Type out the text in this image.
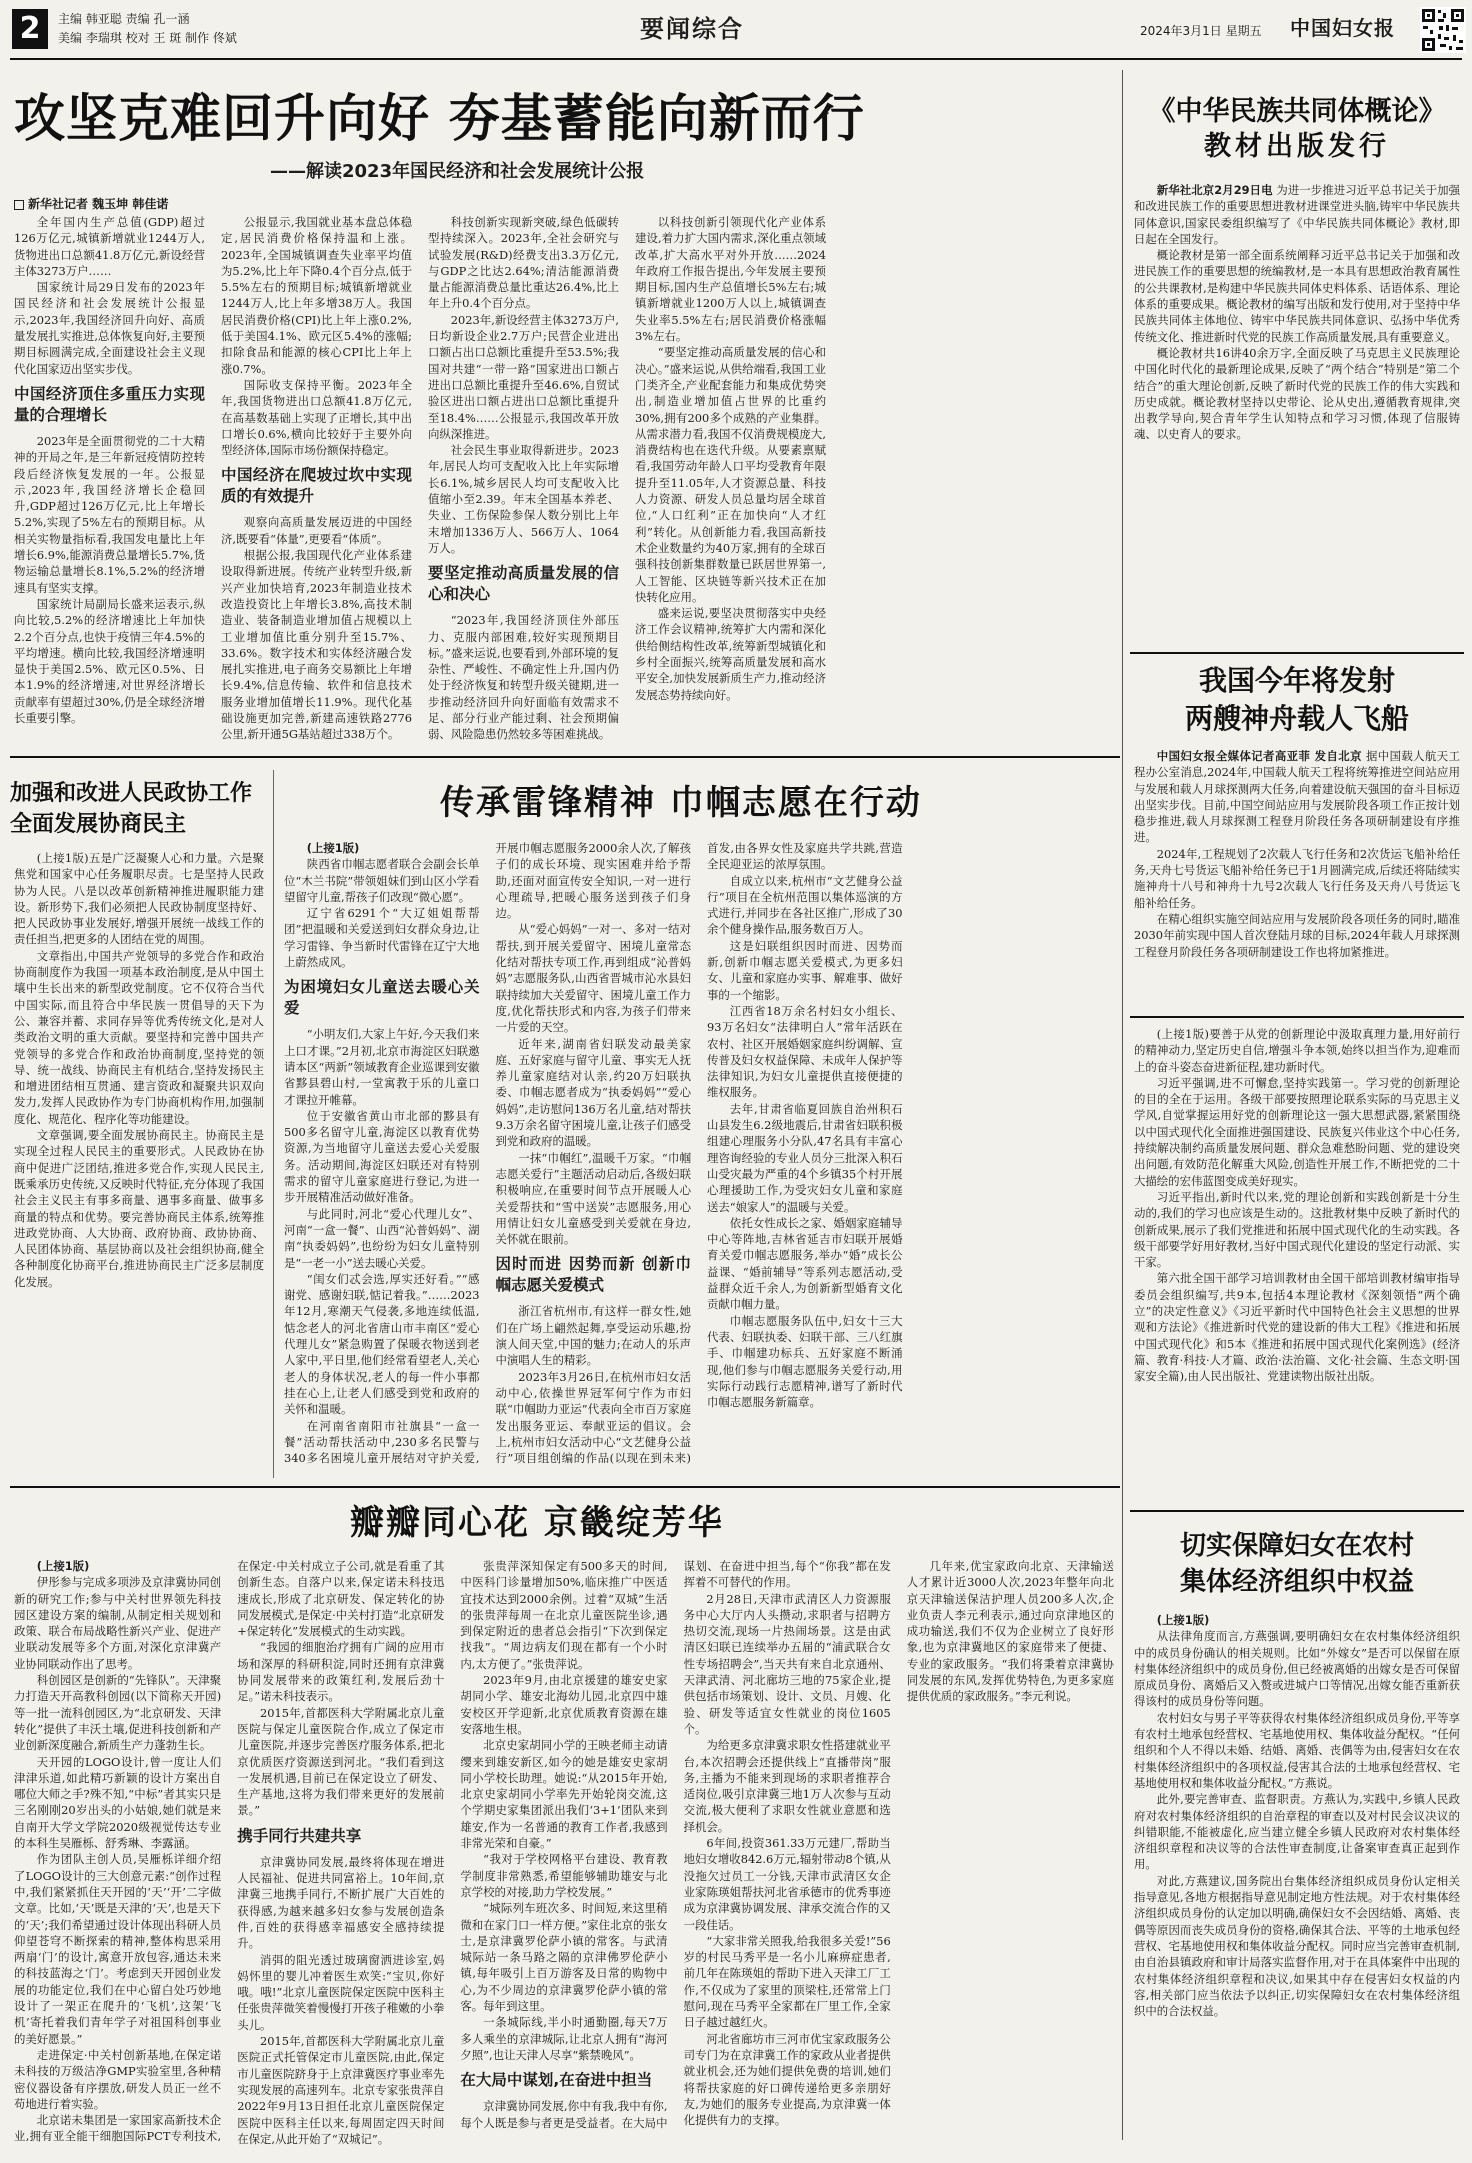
2	主编 韩亚聪 责编 孔一涵
美编 李瑞琪 校对 王 斑 制作 佟斌	要闻综合	2024年3月1日 星期五 中国妇女报
攻坚克难回升向好 夯基蓄能向新而行
——解读2023年国民经济和社会发展统计公报
新华社记者 魏玉坤 韩佳诺

全年国内生产总值(GDP)超过126万亿元,城镇新增就业1244万人,货物进出口总额41.8万亿元,新设经营主体3273万户……

国家统计局29日发布的2023年国民经济和社会发展统计公报显示,2023年,我国经济回升向好、高质量发展扎实推进,总体恢复向好,主要预期目标圆满完成,全面建设社会主义现代化国家迈出坚实步伐。

中国经济顶住多重压力实现量的合理增长

2023年是全面贯彻党的二十大精神的开局之年,是三年新冠疫情防控转段后经济恢复发展的一年。公报显示,2023年,我国经济增长企稳回升,GDP超过126万亿元,比上年增长5.2%,实现了5%左右的预期目标。从相关实物量指标看,我国发电量比上年增长6.9%,能源消费总量增长5.7%,货物运输总量增长8.1%,5.2%的经济增速具有坚实支撑。

国家统计局副局长盛来运表示,纵向比较,5.2%的经济增速比上年加快2.2个百分点,也快于疫情三年4.5%的平均增速。横向比较,我国经济增速明显快于美国2.5%、欧元区0.5%、日本1.9%的经济增速,对世界经济增长贡献率有望超过30%,仍是全球经济增长重要引擎。

公报显示,我国就业基本盘总体稳定,居民消费价格保持温和上涨。2023年,全国城镇调查失业率平均值为5.2%,比上年下降0.4个百分点,低于5.5%左右的预期目标;城镇新增就业1244万人,比上年多增38万人。我国居民消费价格(CPI)比上年上涨0.2%,低于美国4.1%、欧元区5.4%的涨幅;扣除食品和能源的核心CPI比上年上涨0.7%。

国际收支保持平衡。2023年全年,我国货物进出口总额41.8万亿元,在高基数基础上实现了正增长,其中出口增长0.6%,横向比较好于主要外向型经济体,国际市场份额保持稳定。

中国经济在爬坡过坎中实现质的有效提升

观察向高质量发展迈进的中国经济,既要看“体量”,更要看“体质”。

根据公报,我国现代化产业体系建设取得新进展。传统产业转型升级,新兴产业加快培育,2023年制造业技术改造投资比上年增长3.8%,高技术制造业、装备制造业增加值占规模以上工业增加值比重分别升至15.7%、33.6%。数字技术和实体经济融合发展扎实推进,电子商务交易额比上年增长9.4%,信息传输、软件和信息技术服务业增加值增长11.9%。现代化基础设施更加完善,新建高速铁路2776公里,新开通5G基站超过338万个。

科技创新实现新突破,绿色低碳转型持续深入。2023年,全社会研究与试验发展(R&D)经费支出3.3万亿元,与GDP之比达2.64%;清洁能源消费量占能源消费总量比重达26.4%,比上年上升0.4个百分点。

2023年,新设经营主体3273万户,日均新设企业2.7万户;民营企业进出口额占出口总额比重提升至53.5%;我国对共建“一带一路”国家进出口额占进出口总额比重提升至46.6%,自贸试验区进出口额占进出口总额比重提升至18.4%……公报显示,我国改革开放向纵深推进。

社会民生事业取得新进步。2023年,居民人均可支配收入比上年实际增长6.1%,城乡居民人均可支配收入比值缩小至2.39。年末全国基本养老、失业、工伤保险参保人数分别比上年末增加1336万人、566万人、1064万人。

要坚定推动高质量发展的信心和决心

“2023年,我国经济顶住外部压力、克服内部困难,较好实现预期目标。”盛来运说,也要看到,外部环境的复杂性、严峻性、不确定性上升,国内仍处于经济恢复和转型升级关键期,进一步推动经济回升向好面临有效需求不足、部分行业产能过剩、社会预期偏弱、风险隐患仍然较多等困难挑战。

以科技创新引领现代化产业体系建设,着力扩大国内需求,深化重点领域改革,扩大高水平对外开放……2024年政府工作报告提出,今年发展主要预期目标,国内生产总值增长5%左右;城镇新增就业1200万人以上,城镇调查失业率5.5%左右;居民消费价格涨幅3%左右。

“要坚定推动高质量发展的信心和决心。”盛来运说,从供给端看,我国工业门类齐全,产业配套能力和集成优势突出,制造业增加值占世界的比重约30%,拥有200多个成熟的产业集群。从需求潜力看,我国不仅消费规模庞大,消费结构也在迭代升级。从要素禀赋看,我国劳动年龄人口平均受教育年限提升至11.05年,人才资源总量、科技人力资源、研发人员总量均居全球首位,“人口红利”正在加快向“人才红利”转化。从创新能力看,我国高新技术企业数量约为40万家,拥有的全球百强科技创新集群数量已跃居世界第一,人工智能、区块链等新兴技术正在加快转化应用。

盛来运说,要坚决贯彻落实中央经济工作会议精神,统筹扩大内需和深化供给侧结构性改革,统筹新型城镇化和乡村全面振兴,统筹高质量发展和高水平安全,加快发展新质生产力,推动经济发展态势持续向好。

《中华民族共同体概论》
教材出版发行

新华社北京2月29日电 为进一步推进习近平总书记关于加强和改进民族工作的重要思想进教材进课堂进头脑,铸牢中华民族共同体意识,国家民委组织编写了《中华民族共同体概论》教材,即日起在全国发行。

概论教材是第一部全面系统阐释习近平总书记关于加强和改进民族工作的重要思想的统编教材,是一本具有思想政治教育属性的公共课教材,是构建中华民族共同体史料体系、话语体系、理论体系的重要成果。概论教材的编写出版和发行使用,对于坚持中华民族共同体主体地位、铸牢中华民族共同体意识、弘扬中华优秀传统文化、推进新时代党的民族工作高质量发展,具有重要意义。

概论教材共16讲40余万字,全面反映了马克思主义民族理论中国化时代化的最新理论成果,反映了“两个结合”特别是“第二个结合”的重大理论创新,反映了新时代党的民族工作的伟大实践和历史成就。概论教材坚持以史带论、论从史出,遵循教育规律,突出教学导向,契合青年学生认知特点和学习习惯,体现了信服铸魂、以史育人的要求。

我国今年将发射
两艘神舟载人飞船

中国妇女报全媒体记者高亚菲 发自北京 据中国载人航天工程办公室消息,2024年,中国载人航天工程将统筹推进空间站应用与发展和载人月球探测两大任务,向着建设航天强国的奋斗目标迈出坚实步伐。目前,中国空间站应用与发展阶段各项工作正按计划稳步推进,载人月球探测工程登月阶段任务各项研制建设有序推进。

2024年,工程规划了2次载人飞行任务和2次货运飞船补给任务,天舟七号货运飞船补给任务已于1月圆满完成,后续还将陆续实施神舟十八号和神舟十九号2次载人飞行任务及天舟八号货运飞船补给任务。

在精心组织实施空间站应用与发展阶段各项任务的同时,瞄准2030年前实现中国人首次登陆月球的目标,2024年载人月球探测工程登月阶段任务各项研制建设工作也将加紧推进。

(上接1版)要善于从党的创新理论中汲取真理力量,用好前行的精神动力,坚定历史自信,增强斗争本领,始终以担当作为,迎难而上的奋斗姿态奋进新征程,建功新时代。

习近平强调,进不可懈怠,坚持实践第一。学习党的创新理论的目的全在于运用。各级干部要按照理论联系实际的马克思主义学风,自觉掌握运用好党的创新理论这一强大思想武器,紧紧围绕以中国式现代化全面推进强国建设、民族复兴伟业这个中心任务,持续解决制约高质量发展问题、群众急难愁盼问题、党的建设突出问题,有效防范化解重大风险,创造性开展工作,不断把党的二十大描绘的宏伟蓝图变成美好现实。

习近平指出,新时代以来,党的理论创新和实践创新是十分生动的,我们的学习也应该是生动的。这批教材集中反映了新时代的创新成果,展示了我们党推进和拓展中国式现代化的生动实践。各级干部要学好用好教材,当好中国式现代化建设的坚定行动派、实干家。

第六批全国干部学习培训教材由全国干部培训教材编审指导委员会组织编写,共9本,包括4本理论教材《深刻领悟“两个确立”的决定性意义》《习近平新时代中国特色社会主义思想的世界观和方法论》《推进新时代党的建设新的伟大工程》《推进和拓展中国式现代化》和5本《推进和拓展中国式现代化案例选》(经济篇、教育·科技·人才篇、政治·法治篇、文化·社会篇、生态文明·国家安全篇),由人民出版社、党建读物出版社出版。

切实保障妇女在农村
集体经济组织中权益

(上接1版)

从法律角度而言,方燕强调,要明确妇女在农村集体经济组织中的成员身份确认的相关规则。比如“外嫁女”是否可以保留在原村集体经济组织中的成员身份,但已经被离婚的出嫁女是否可保留原成员身份、离婚后又入赘或进城户口等情况,出嫁女能否重新获得该村的成员身份等问题。

农村妇女与男子平等获得农村集体经济组织成员身份,平等享有农村土地承包经营权、宅基地使用权、集体收益分配权。“任何组织和个人不得以未婚、结婚、离婚、丧偶等为由,侵害妇女在农村集体经济组织中的各项权益,侵害其合法的土地承包经营权、宅基地使用权和集体收益分配权。”方燕说。

此外,要完善审查、监督职责。方燕认为,实践中,乡镇人民政府对农村集体经济组织的自治章程的审查以及对村民会议决议的纠错职能,不能被虚化,应当建立健全乡镇人民政府对农村集体经济组织章程和决议等的合法性审查制度,让备案审查真正起到作用。

对此,方燕建议,国务院出台集体经济组织成员身份认定相关指导意见,各地方根据指导意见制定地方性法规。对于农村集体经济组织成员身份的认定加以明确,确保妇女不会因结婚、离婚、丧偶等原因而丧失成员身份的资格,确保其合法、平等的土地承包经营权、宅基地使用权和集体收益分配权。同时应当完善审查机制,由自治县镇政府和审计局落实监督作用,对于在具体案件中出现的农村集体经济组织章程和决议,如果其中存在侵害妇女权益的内容,相关部门应当依法予以纠正,切实保障妇女在农村集体经济组织中的合法权益。

加强和改进人民政协工作
全面发展协商民主

(上接1版)五是广泛凝聚人心和力量。六是聚焦党和国家中心任务履职尽责。七是坚持人民政协为人民。八是以改革创新精神推进履职能力建设。新形势下,我们必须把人民政协制度坚持好、把人民政协事业发展好,增强开展统一战线工作的责任担当,把更多的人团结在党的周围。

文章指出,中国共产党领导的多党合作和政治协商制度作为我国一项基本政治制度,是从中国土壤中生长出来的新型政党制度。它不仅符合当代中国实际,而且符合中华民族一贯倡导的天下为公、兼容并蓄、求同存异等优秀传统文化,是对人类政治文明的重大贡献。要坚持和完善中国共产党领导的多党合作和政治协商制度,坚持党的领导、统一战线、协商民主有机结合,坚持发扬民主和增进团结相互贯通、建言资政和凝聚共识双向发力,发挥人民政协作为专门协商机构作用,加强制度化、规范化、程序化等功能建设。

文章强调,要全面发展协商民主。协商民主是实现全过程人民民主的重要形式。人民政协在协商中促进广泛团结,推进多党合作,实现人民民主,既乘承历史传统,又反映时代特征,充分体现了我国社会主义民主有事多商量、遇事多商量、做事多商量的特点和优势。要完善协商民主体系,统筹推进政党协商、人大协商、政府协商、政协协商、人民团体协商、基层协商以及社会组织协商,健全各种制度化协商平台,推进协商民主广泛多层制度化发展。

传承雷锋精神 巾帼志愿在行动

(上接1版)

陕西省巾帼志愿者联合会副会长单位“木兰书院”带领姐妹们到山区小学看望留守儿童,帮孩子们改现“微心愿”。

辽宁省6291个“大辽姐姐帮帮团”把温暖和关爱送到妇女群众身边,让学习雷锋、争当新时代雷锋在辽宁大地上蔚然成风。

为困境妇女儿童送去暖心关爱

“小明友们,大家上午好,今天我们来上口才课。”2月初,北京市海淀区妇联邀请本区“两新”领域教育企业巡课到安徽省黟县碧山村,一堂寓教于乐的儿童口才课拉开帷幕。

位于安徽省黄山市北部的黟县有500多名留守儿童,海淀区以教育优势资源,为当地留守儿童送去爱心关爱服务。活动期间,海淀区妇联还对有特别需求的留守儿童家庭进行登记,为进一步开展精准活动做好准备。

与此同时,河北“爱心代理儿女”、河南“一盒一餐”、山西“沁普妈妈”、湖南“执委妈妈”,也纷纷为妇女儿童特别是“一老一小”送去暖心关爱。

“闺女们忒会选,厚实还好看。”“感谢党、感谢妇联,惦记着我。”……2023年12月,寒潮天气侵袭,多地连续低温,惦念老人的河北省唐山市丰南区“爱心代理儿女”紧急购置了保暖衣物送到老人家中,平日里,他们经常看望老人,关心老人的身体状况,老人的每一件小事都挂在心上,让老人们感受到党和政府的关怀和温暖。

在河南省南阳市社旗县“一盒一餐”活动帮扶活动中,230多名民警与340多名困境儿童开展结对守护关爱,开展巾帼志愿服务2000余人次,了解孩子们的成长环境、现实困难并给予帮助,还面对面宣传安全知识,一对一进行心理疏导,把暖心服务送到孩子们身边。

从“爱心妈妈”一对一、多对一结对帮扶,到开展关爱留守、困境儿童常态化结对帮扶专项工作,再到组成“沁普妈妈”志愿服务队,山西省晋城市沁水县妇联持续加大关爱留守、困境儿童工作力度,优化帮扶形式和内容,为孩子们带来一片爱的天空。

近年来,湖南省妇联发动最美家庭、五好家庭与留守儿童、事实无人抚养儿童家庭结对认亲,约20万妇联执委、巾帼志愿者成为“执委妈妈”“爱心妈妈”,走访慰问136万名儿童,结对帮扶9.3万余名留守困境儿童,让孩子们感受到党和政府的温暖。

一抹“巾帼红”,温暖千万家。“巾帼志愿关爱行”主题活动启动后,各级妇联积极响应,在重要时间节点开展暖人心关爱帮扶和“雪中送炭”志愿服务,用心用情让妇女儿童感受到关爱就在身边,关怀就在眼前。

因时而进 因势而新 创新巾帼志愿关爱模式

浙江省杭州市,有这样一群女性,她们在广场上翩然起舞,享受运动乐趣,扮演人间天堂,中国的魅力;在动人的乐声中演唱人生的精彩。

2023年3月26日,在杭州市妇女活动中心,依操世界冠军何宁作为市妇联“巾帼助力亚运”代表向全市百万家庭发出服务亚运、奉献亚运的倡议。会上,杭州市妇女活动中心“文艺健身公益行”项目组创编的作品(以现在到未来)首发,由各界女性及家庭共学共跳,营造全民迎亚运的浓厚氛围。

自成立以来,杭州市“文艺健身公益行”项目在全杭州范围以集体巡演的方式进行,并同步在各社区推广,形成了30余个健身操作品,服务数百万人。

这是妇联组织因时而进、因势而新,创新巾帼志愿关爱模式,为更多妇女、儿童和家庭办实事、解难事、做好事的一个缩影。

江西省18万余名村妇女小组长、93万名妇女“法律明白人”常年活跃在农村、社区开展婚姻家庭纠纷调解、宣传普及妇女权益保障、未成年人保护等法律知识,为妇女儿童提供直接便捷的维权服务。

去年,甘肃省临夏回族自治州积石山县发生6.2级地震后,甘肃省妇联积极组建心理服务小分队,47名具有丰富心理咨询经验的专业人员分三批深入积石山受灾最为严重的4个乡镇35个村开展心理援助工作,为受灾妇女儿童和家庭送去“娘家人”的温暖与关爱。

依托女性成长之家、婚姻家庭辅导中心等阵地,吉林省延吉市妇联开展婚育关爱巾帼志愿服务,举办“婚”成长公益课、“婚前辅导”等系列志愿活动,受益群众近千余人,为创新新型婚育文化贡献巾帼力量。

巾帼志愿服务队伍中,妇女十三大代表、妇联执委、妇联干部、三八红旗手、巾帼建功标兵、五好家庭不断涌现,他们参与巾帼志愿服务关爱行动,用实际行动践行志愿精神,谱写了新时代巾帼志愿服务新篇章。

瓣瓣同心花 京畿绽芳华

(上接1版)

伊彤参与完成多项涉及京津冀协同创新的研究工作;参与中关村世界领先科技园区建设方案的编制,从制定相关规划和政策、联合布局战略性新兴产业、促进产业联动发展等多个方面,对深化京津冀产业协同联动作出了思考。

科创园区是创新的“先锋队”。天津聚力打造天开高教科创园(以下简称天开园)等一批一流科创园区,为“北京研发、天津转化”提供了丰沃土壤,促进科技创新和产业创新深度融合,新质生产力蓬勃生长。

天开园的LOGO设计,曾一度让人们津津乐道,如此精巧新颖的设计方案出自哪位大师之手?殊不知,“中标”者其实只是三名刚刚20岁出头的小姑娘,她们就是来自南开大学文学院2020级视觉传达专业的本科生吴雁栎、舒秀琳、李露涵。

作为团队主创人员,吴雁栎详细介绍了LOGO设计的三大创意元素:“创作过程中,我们紧紧抓住天开园的‘天’‘开’二字做文章。比如,‘天’既是天津的‘天’,也是天下的‘天’;我们希望通过设计体现出科研人员仰望苍穹不断探索的精神,整体构思采用两扇‘门’的设计,寓意开放包容,通达未来的科技蓝海之‘门’。考虑到天开园创业发展的功能定位,我们在中心留白处巧妙地设计了一架正在爬升的‘飞机’,这架‘飞机’寄托着我们青年学子对祖国科创事业的美好愿景。”

走进保定·中关村创新基地,在保定诺未科技的万级洁净GMP实验室里,各种精密仪器设备有序摆放,研发人员正一丝不苟地进行着实验。

北京诺未集团是一家国家高新技术企业,拥有亚全能干细胞国际PCT专利技术,在保定·中关村成立子公司,就是看重了其创新生态。自落户以来,保定诺未科技迅速成长,形成了北京研发、保定转化的协同发展模式,是保定·中关村打造“北京研发+保定转化”发展模式的生动实践。

“我园的细胞治疗拥有广阔的应用市场和深厚的科研积淀,同时还拥有京津冀协同发展带来的政策红利,发展后劲十足。”诺未科技表示。

2015年,首都医科大学附属北京儿童医院与保定儿童医院合作,成立了保定市儿童医院,并逐步完善医疗服务体系,把北京优质医疗资源送到河北。“我们看到这一发展机遇,目前已在保定设立了研发、生产基地,这将为我们带来更好的发展前景。”

携手同行共建共享

京津冀协同发展,最终将体现在增进人民福祉、促进共同富裕上。10年间,京津冀三地携手同行,不断扩展广大百姓的获得感,为越来越多妇女参与发展创造条件,百姓的获得感幸福感安全感持续提升。

消弭的阻光透过玻璃窗洒进诊室,妈妈怀里的婴儿冲着医生欢笑:“宝贝,你好哦。哦!”北京儿童医院保定医院中医科主任张贵萍微笑着慢慢打开孩子稚嫩的小拳头儿。

2015年,首都医科大学附属北京儿童医院正式托管保定市儿童医院,由此,保定市儿童医院跻身于上京津冀医疗事业率先实现发展的高速列车。北京专家张贵萍自2022年9月13日担任北京儿童医院保定医院中医科主任以来,每周固定四天时间在保定,从此开始了“双城记”。

张贵萍深知保定有500多天的时间,中医科门诊量增加50%,临床推广中医适宜技术达到2000余例。过着“双城”生活的张贵萍每周一在北京儿童医院坐诊,遇到保定附近的患者总会指引“下次到保定找我”。“周边病友们现在都有一个小时内,太方便了。”张贵萍说。

2023年9月,由北京援建的雄安史家胡同小学、雄安北海幼儿园,北京四中雄安校区开学迎新,北京优质教育资源在雄安落地生根。

北京史家胡同小学的王映老师主动请缨来到雄安新区,如今的她是雄安史家胡同小学校长助理。她说:“从2015年开始,北京史家胡同小学率先开始轮岗交流,这个学期史家集团派出我们‘3+1’团队来到雄安,作为一名普通的教育工作者,我感到非常光荣和自豪。”

“我对于学校网格平台建设、教育教学制度非常熟悉,希望能够辅助雄安与北京学校的对接,助力学校发展。”

“城际列车班次多、时间短,来这里稍微和在家门口一样方便。”家住北京的张女士,是京津冀罗伦萨小镇的常客。与武清城际站一条马路之隔的京津佛罗伦萨小镇,每年吸引上百万游客及日常的购物中心,为不少周边的京津冀罗伦萨小镇的常客。每年到这里。

一条城际线,半小时通勤圈,每天7万多人乘坐的京津城际,让北京人拥有“海河夕照”,也让天津人尽享“紫禁晚风”。

在大局中谋划,在奋进中担当

京津冀协同发展,你中有我,我中有你,每个人既是参与者更是受益者。在大局中谋划、在奋进中担当,每个“你我”都在发挥着不可替代的作用。

2月28日,天津市武清区人力资源服务中心大厅内人头攒动,求职者与招聘方热切交流,现场一片热闹场景。这是由武清区妇联已连续举办五届的“浦武联合女性专场招聘会”,当天共有来自北京通州、天津武清、河北廊坊三地的75家企业,提供包括市场策划、设计、文员、月嫂、化验、研发等适宜女性就业的岗位1605个。

为给更多京津冀求职女性搭建就业平台,本次招聘会还提供线上“直播带岗”服务,主播为不能来到现场的求职者推荐合适岗位,吸引京津冀三地1万人次参与互动交流,极大便利了求职女性就业意愿和选择机会。

6年间,投资361.33万元建厂,帮助当地妇女增收842.6万元,辐射带动8个镇,从没拖欠过员工一分钱,天津市武清区女企业家陈瑛姐帮扶河北省承德市的优秀事迹成为京津冀协调发展、津承交流合作的又一段佳话。

“大家非常关照我,给我很多关爱!”56岁的村民马秀平是一名小儿麻痹症患者,前几年在陈瑛姐的帮助下进入天津工厂工作,不仅成为了家里的顶梁柱,还常常上门慰问,现在马秀平全家都在厂里工作,全家日子越过越红火。

河北省廊坊市三河市优宝家政服务公司专门为在京津冀工作的家政从业者提供就业机会,还为她们提供免费的培训,她们将帮扶家庭的好口碑传递给更多亲朋好友,为她们的服务专业提高,为京津冀一体化提供有力的支撑。

几年来,优宝家政向北京、天津输送人才累计近3000人次,2023年整年向北京天津输送保洁护理人员200多人次,企业负责人李元利表示,通过向京津地区的成功输送,我们不仅为企业树立了良好形象,也为京津冀地区的家庭带来了便捷、专业的家政服务。“我们将秉着京津冀协同发展的东风,发挥优势特色,为更多家庭提供优质的家政服务。”李元利说。
